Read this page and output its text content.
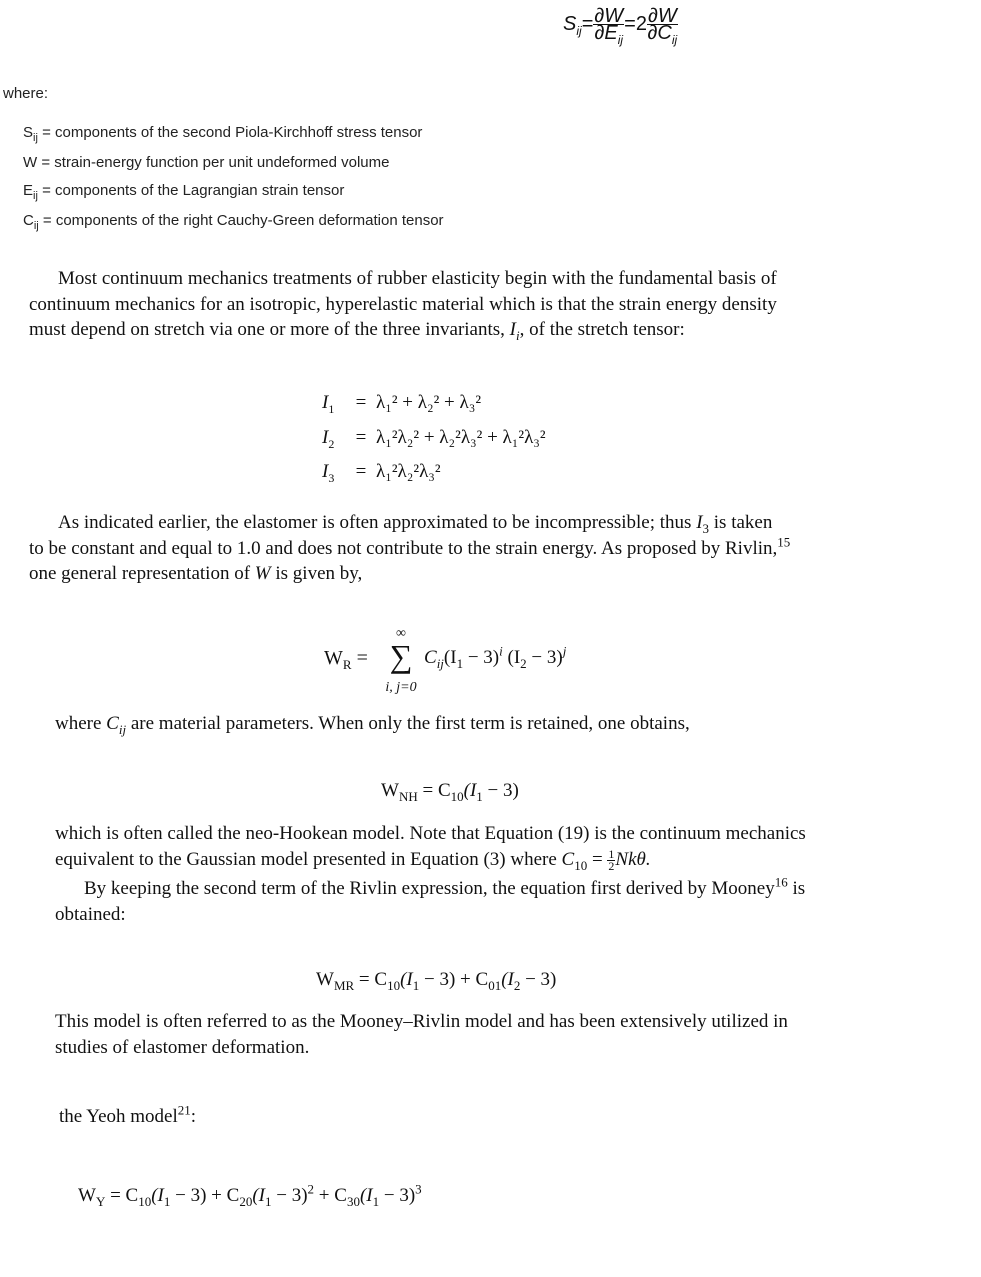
$S_{ij}= \frac{\partial W}{\partial E_{ij}} =2 \frac{\partial W}{\partial C_{ij}}$
where:
$S_{ij}$ = components of the second Piola-Kirchhoff stress tensor
W = strain-energy function per unit undeformed volume
$E_{ij}$ = components of the Lagrangian strain tensor
$C_{ij}$ = components of the right Cauchy-Green deformation tensor
Most continuum mechanics treatments of rubber elasticity begin with the fundamental basis of
continuum mechanics for an isotropic, hyperelastic material which is that the strain energy density
must depend on stretch via one or more of the three invariants, $I_i$, of the stretch tensor:
$I_1 = \lambda_1^2 + \lambda_2^2 + \lambda_3^2$
$I_2 = \lambda_1^2\lambda_2^2 + \lambda_2^2\lambda_3^2 + \lambda_1^2\lambda_3^2$
$I_3 = \lambda_1^2\lambda_2^2\lambda_3^2$
As indicated earlier, the elastomer is often approximated to be incompressible; thus $I_3$ is taken
to be constant and equal to 1.0 and does not contribute to the strain energy. As proposed by Rivlin,$^{15}$
one general representation of W is given by,
$W_R$ =
∞
∑
i, j=0
$C_{ij}(I_1 - 3)^i$ $(I_2 - 3)^j$
where $C_{ij}$ are material parameters. When only the first term is retained, one obtains,
$W_{NH} = C_{10}(I_1 - 3)$
which is often called the neo-Hookean model. Note that Equation (19) is the continuum mechanics
equivalent to the Gaussian model presented in Equation (3) where $C_{10} = \frac{1}{2} Nk\theta$.
By keeping the second term of the Rivlin expression, the equation first derived by Mooney$^{16}$ is
obtained:
$W_{MR} = C_{10}(I_1 - 3) + C_{01}(I_2 - 3)$
This model is often referred to as the Mooney–Rivlin model and has been extensively utilized in
studies of elastomer deformation.
the Yeoh model$^{21}$:
$W_Y = C_{10}(I_1 - 3) + C_{20}(I_1 - 3)^2 + C_{30}(I_1 - 3)^3$
